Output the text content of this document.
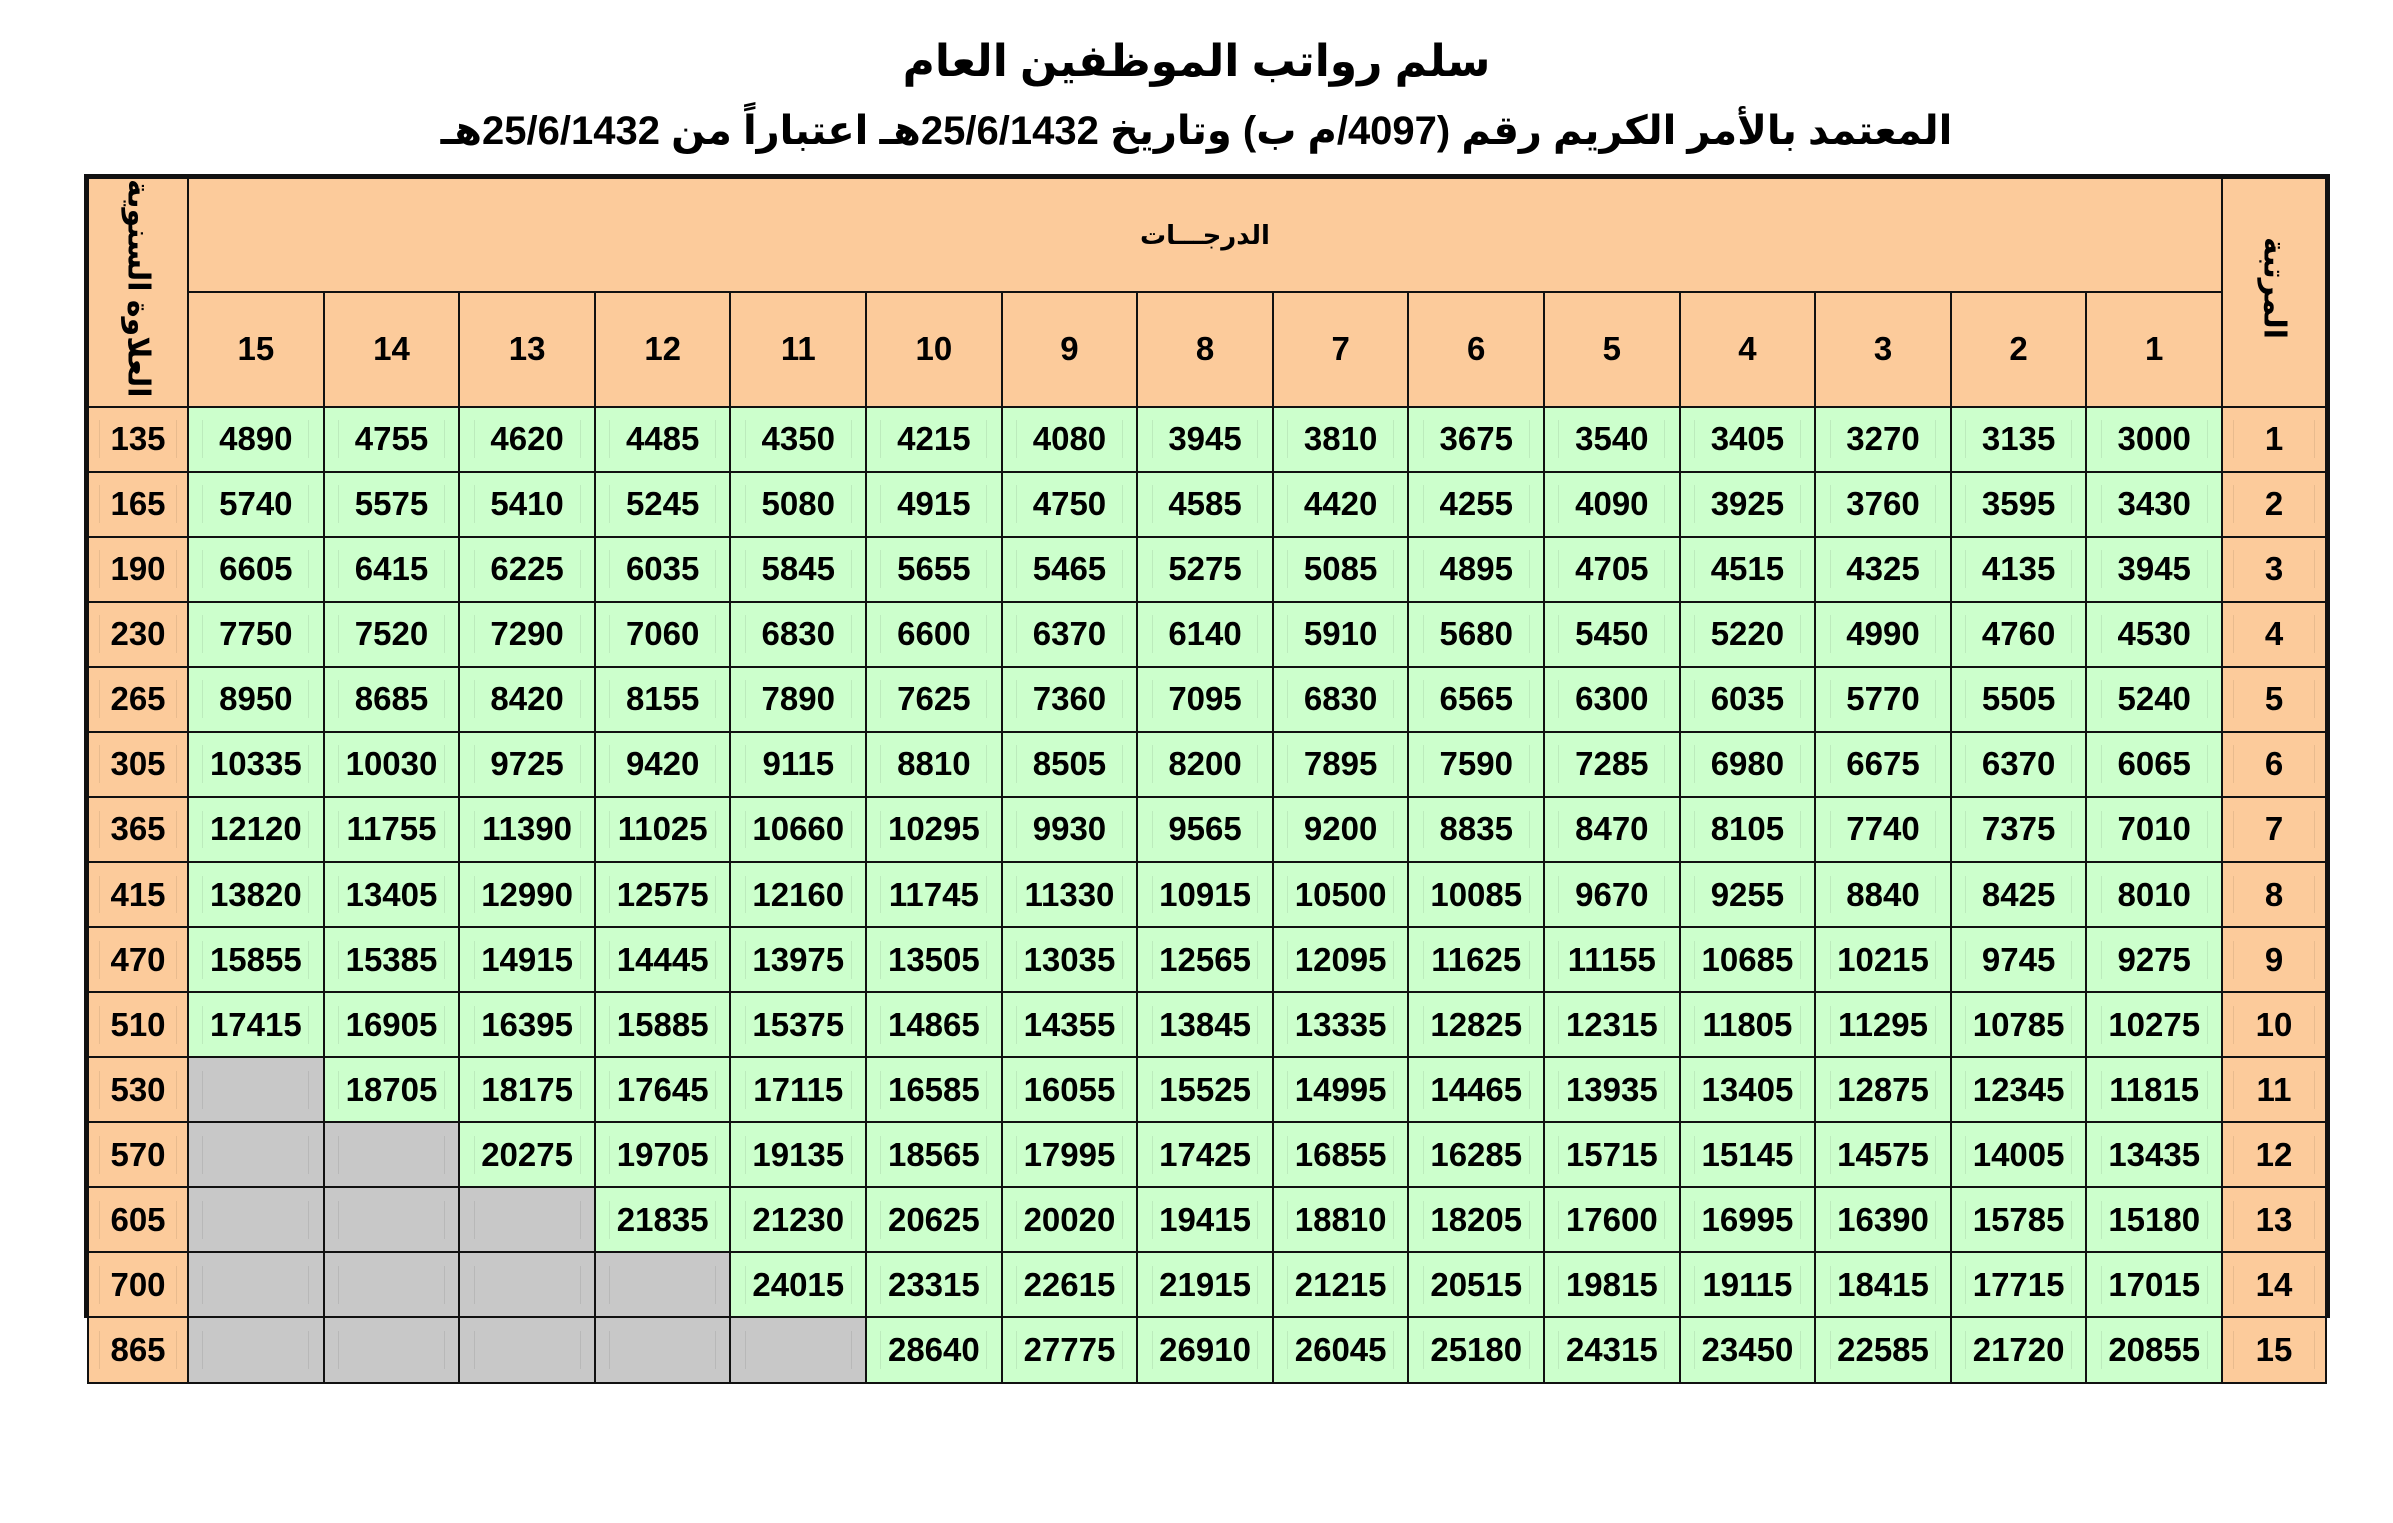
سلم رواتب الموظفين العام
المعتمد بالأمر الكريم رقم (4097/م ب) وتاريخ 25/6/1432هـ اعتباراً من 25/6/1432هـ
المرتبة	الدرجـــات															العلاوة السنوية
	1	2	3	4	5	6	7	8	9	10	11	12	13	14	15	
1	3000	3135	3270	3405	3540	3675	3810	3945	4080	4215	4350	4485	4620	4755	4890	135
2	3430	3595	3760	3925	4090	4255	4420	4585	4750	4915	5080	5245	5410	5575	5740	165
3	3945	4135	4325	4515	4705	4895	5085	5275	5465	5655	5845	6035	6225	6415	6605	190
4	4530	4760	4990	5220	5450	5680	5910	6140	6370	6600	6830	7060	7290	7520	7750	230
5	5240	5505	5770	6035	6300	6565	6830	7095	7360	7625	7890	8155	8420	8685	8950	265
6	6065	6370	6675	6980	7285	7590	7895	8200	8505	8810	9115	9420	9725	10030	10335	305
7	7010	7375	7740	8105	8470	8835	9200	9565	9930	10295	10660	11025	11390	11755	12120	365
8	8010	8425	8840	9255	9670	10085	10500	10915	11330	11745	12160	12575	12990	13405	13820	415
9	9275	9745	10215	10685	11155	11625	12095	12565	13035	13505	13975	14445	14915	15385	15855	470
10	10275	10785	11295	11805	12315	12825	13335	13845	14355	14865	15375	15885	16395	16905	17415	510
11	11815	12345	12875	13405	13935	14465	14995	15525	16055	16585	17115	17645	18175	18705		530
12	13435	14005	14575	15145	15715	16285	16855	17425	17995	18565	19135	19705	20275			570
13	15180	15785	16390	16995	17600	18205	18810	19415	20020	20625	21230	21835				605
14	17015	17715	18415	19115	19815	20515	21215	21915	22615	23315	24015					700
15	20855	21720	22585	23450	24315	25180	26045	26910	27775	28640						865
